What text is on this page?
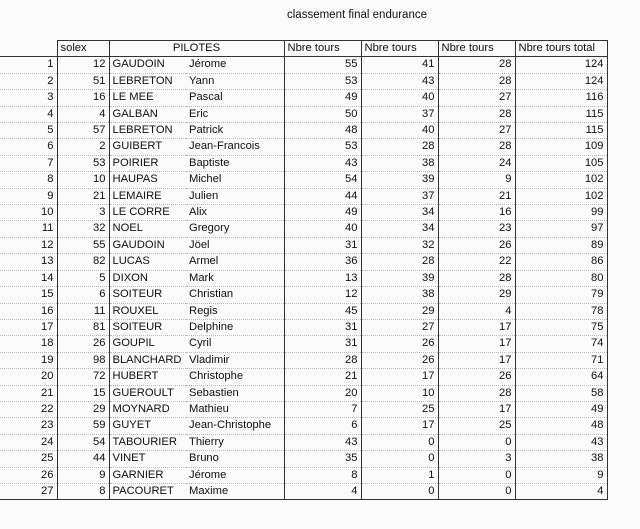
classement final endurance
	solex	PILOTES		Nbre tours	Nbre tours	Nbre tours	Nbre tours total
1	12	GAUDOIN	Jérome	55	41	28	124
2	51	LEBRETON	Yann	53	43	28	124
3	16	LE MEE	Pascal	49	40	27	116
4	4	GALBAN	Eric	50	37	28	115
5	57	LEBRETON	Patrick	48	40	27	115
6	2	GUIBERT	Jean-Francois	53	28	28	109
7	53	POIRIER	Baptiste	43	38	24	105
8	10	HAUPAS	Michel	54	39	9	102
9	21	LEMAIRE	Julien	44	37	21	102
10	3	LE CORRE	Alix	49	34	16	99
11	32	NOEL	Gregory	40	34	23	97
12	55	GAUDOIN	Jöel	31	32	26	89
13	82	LUCAS	Armel	36	28	22	86
14	5	DIXON	Mark	13	39	28	80
15	6	SOITEUR	Christian	12	38	29	79
16	11	ROUXEL	Regis	45	29	4	78
17	81	SOITEUR	Delphine	31	27	17	75
18	26	GOUPIL	Cyril	31	26	17	74
19	98	BLANCHARD	Vladimir	28	26	17	71
20	72	HUBERT	Christophe	21	17	26	64
21	15	GUEROULT	Sebastien	20	10	28	58
22	29	MOYNARD	Mathieu	7	25	17	49
23	59	GUYET	Jean-Christophe	6	17	25	48
24	54	TABOURIER	Thierry	43	0	0	43
25	44	VINET	Bruno	35	0	3	38
26	9	GARNIER	Jérome	8	1	0	9
27	8	PACOURET	Maxime	4	0	0	4
